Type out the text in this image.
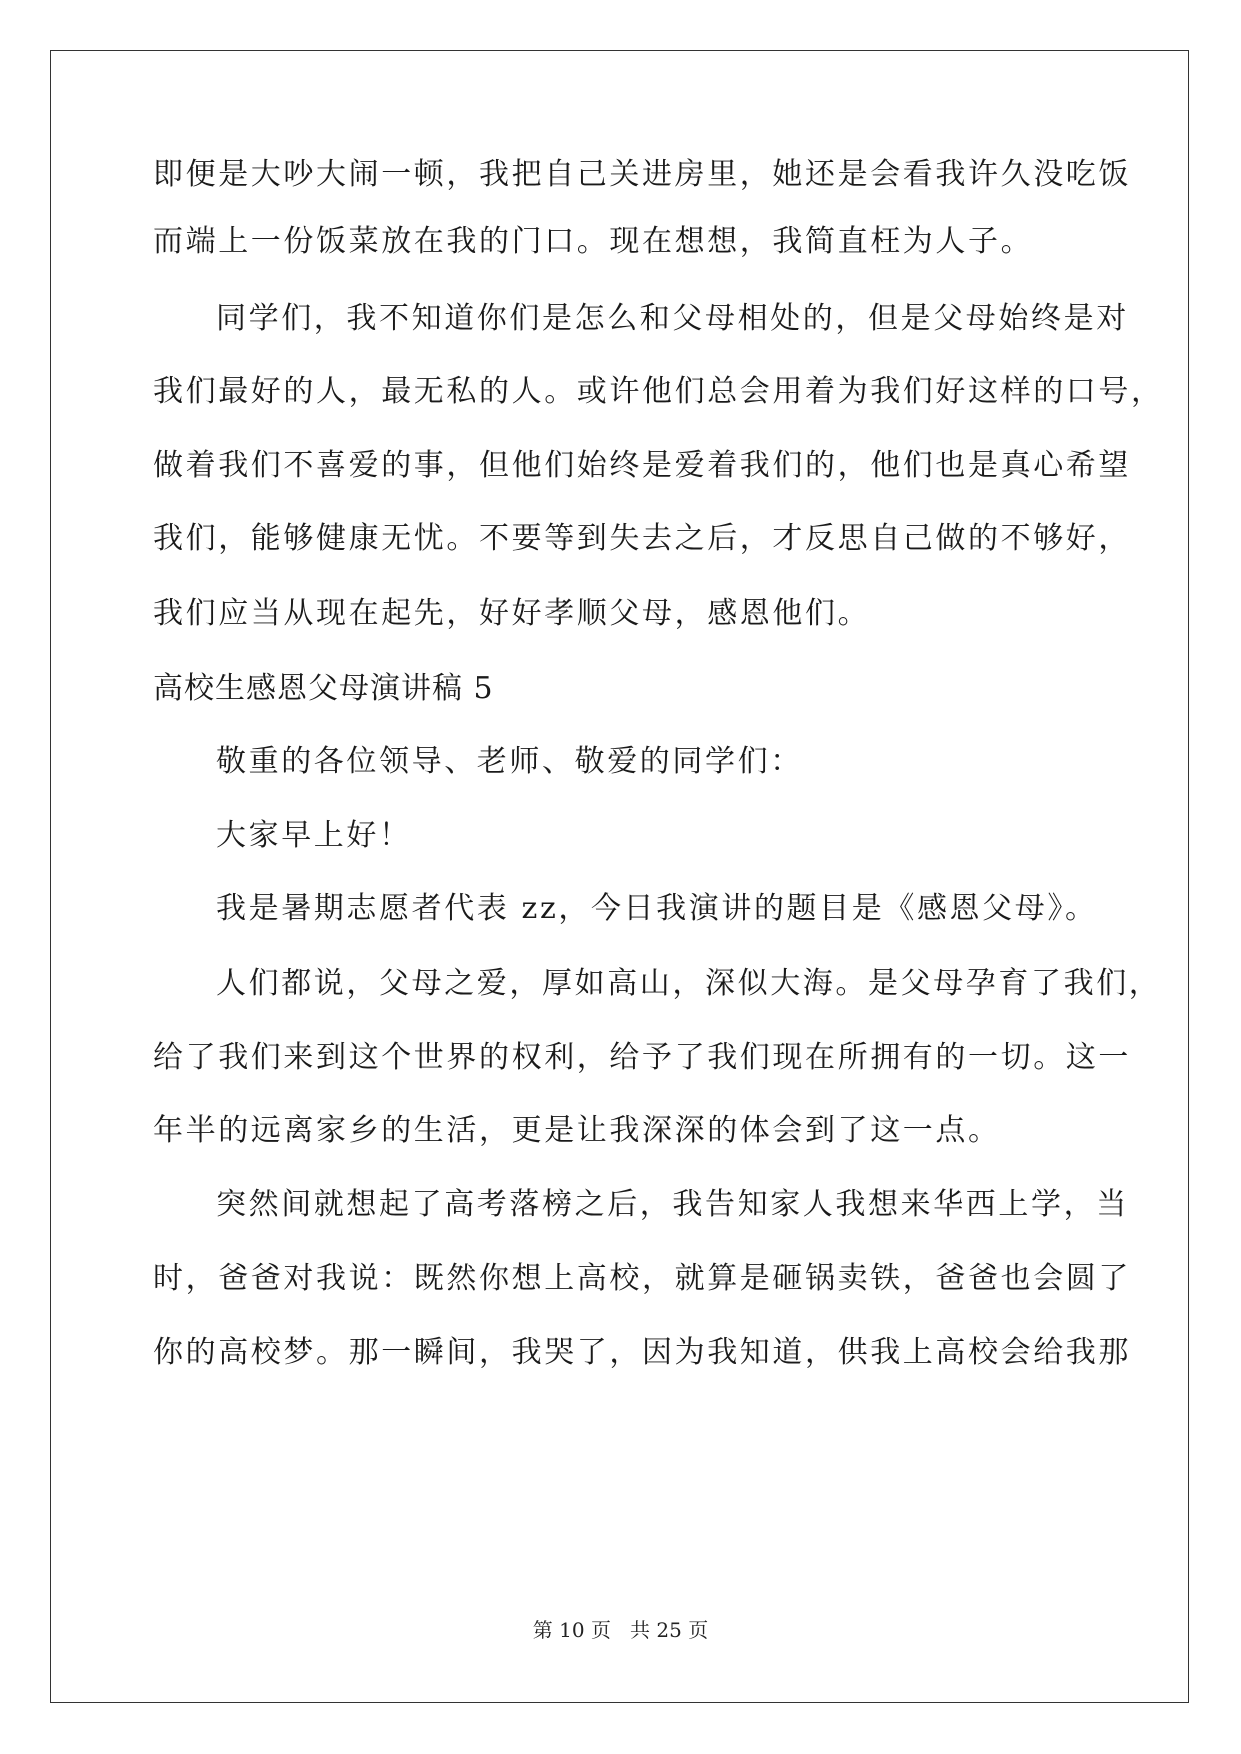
即便是大吵大闹一顿，我把自己关进房里，她还是会看我许久没吃饭
而端上一份饭菜放在我的门口。现在想想，我简直枉为人子。
同学们，我不知道你们是怎么和父母相处的，但是父母始终是对
我们最好的人，最无私的人。或许他们总会用着为我们好这样的口号，
做着我们不喜爱的事，但他们始终是爱着我们的，他们也是真心希望
我们，能够健康无忧。不要等到失去之后，才反思自己做的不够好，
我们应当从现在起先，好好孝顺父母，感恩他们。
高校生感恩父母演讲稿 5
敬重的各位领导、老师、敬爱的同学们：
大家早上好！
我是暑期志愿者代表 zz，今日我演讲的题目是《感恩父母》。
人们都说，父母之爱，厚如高山，深似大海。是父母孕育了我们，
给了我们来到这个世界的权利，给予了我们现在所拥有的一切。这一
年半的远离家乡的生活，更是让我深深的体会到了这一点。
突然间就想起了高考落榜之后，我告知家人我想来华西上学，当
时，爸爸对我说：既然你想上高校，就算是砸锅卖铁，爸爸也会圆了
你的高校梦。那一瞬间，我哭了，因为我知道，供我上高校会给我那
第 10 页 共 25 页
